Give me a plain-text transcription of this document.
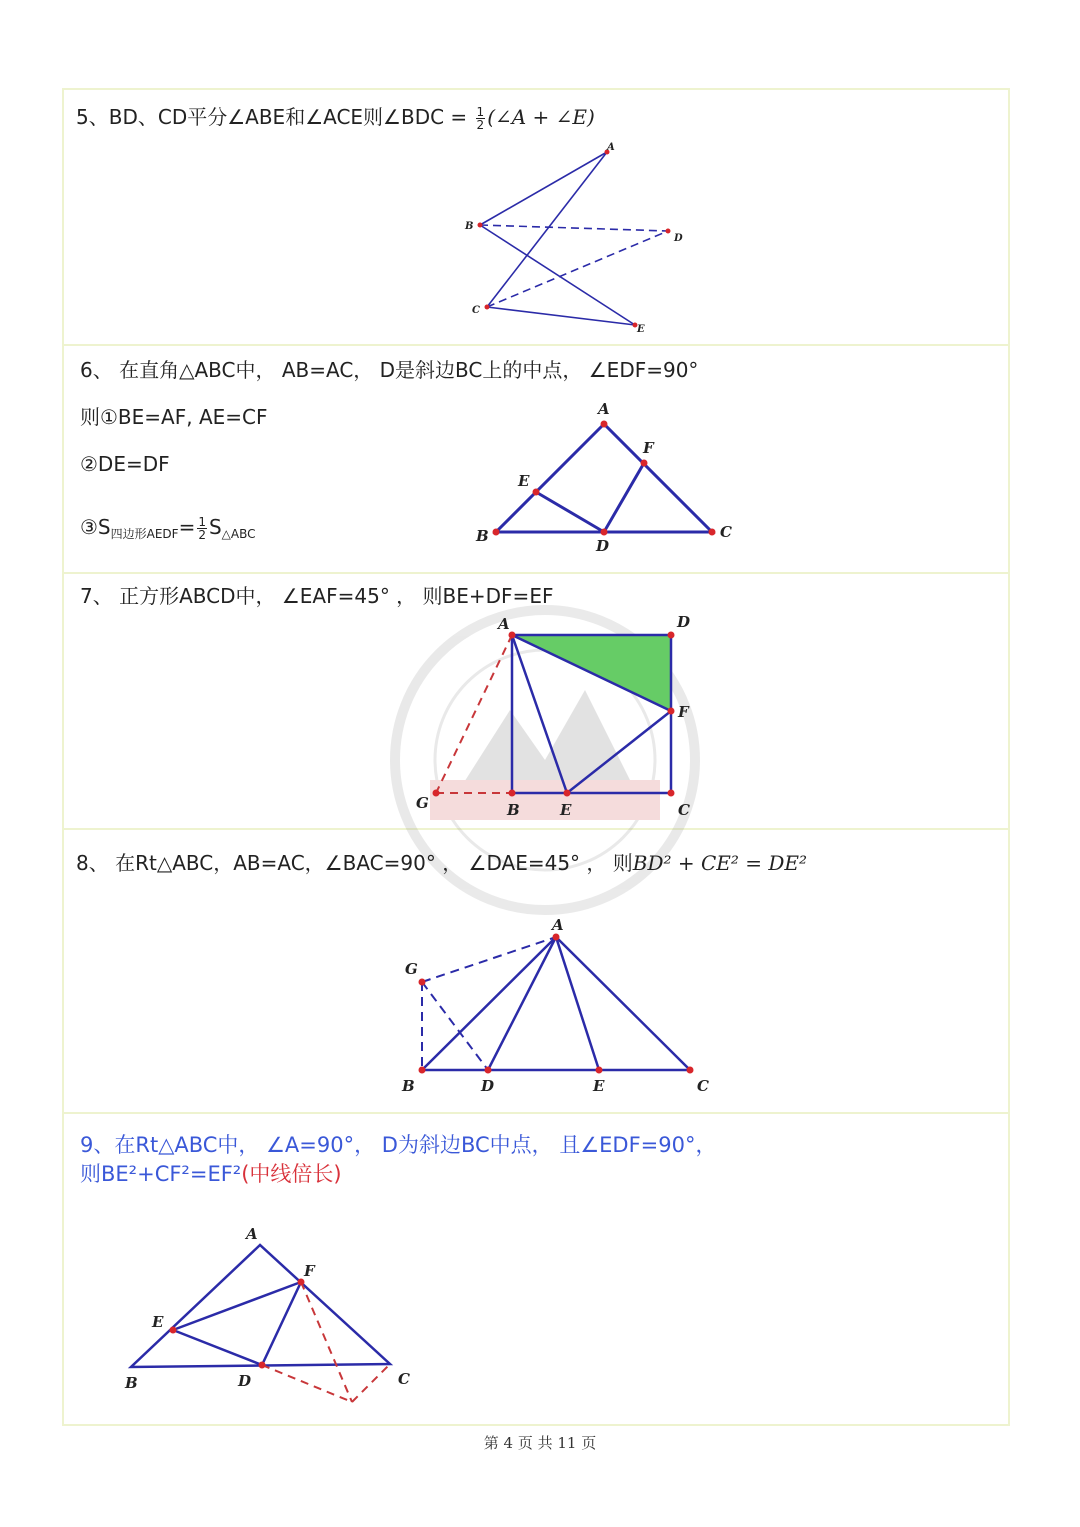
5、BD、CD平分∠ABE和∠ACE则∠BDC = $\frac{1}{2}$ (∠A + ∠E)
A
B
C
D
E
6、 在直角△ABC中， AB=AC， D是斜边BC上的中点， ∠EDF=90°
则①BE=AF, AE=CF
②DE=DF
$③S_{四边形AEDF}= \frac{1}{2} S_{\triangle ABC}$
A
B	C
D
E
F
7、 正方形ABCD中， ∠EAF=45° ， 则BE+DF=EF
A
B	C
D
E
F
G
8、 在Rt△ABC，AB=AC，∠BAC=90° ， ∠DAE=45° ， 则BD² + CE² = DE²
A
B	C
D	E
G
9、在Rt△ABC中， ∠A=90°， D为斜边BC中点， 且∠EDF=90°，
则BE²+CF²=EF²(中线倍长)
A
B	C
D
E
F
第 4 页 共 11 页
